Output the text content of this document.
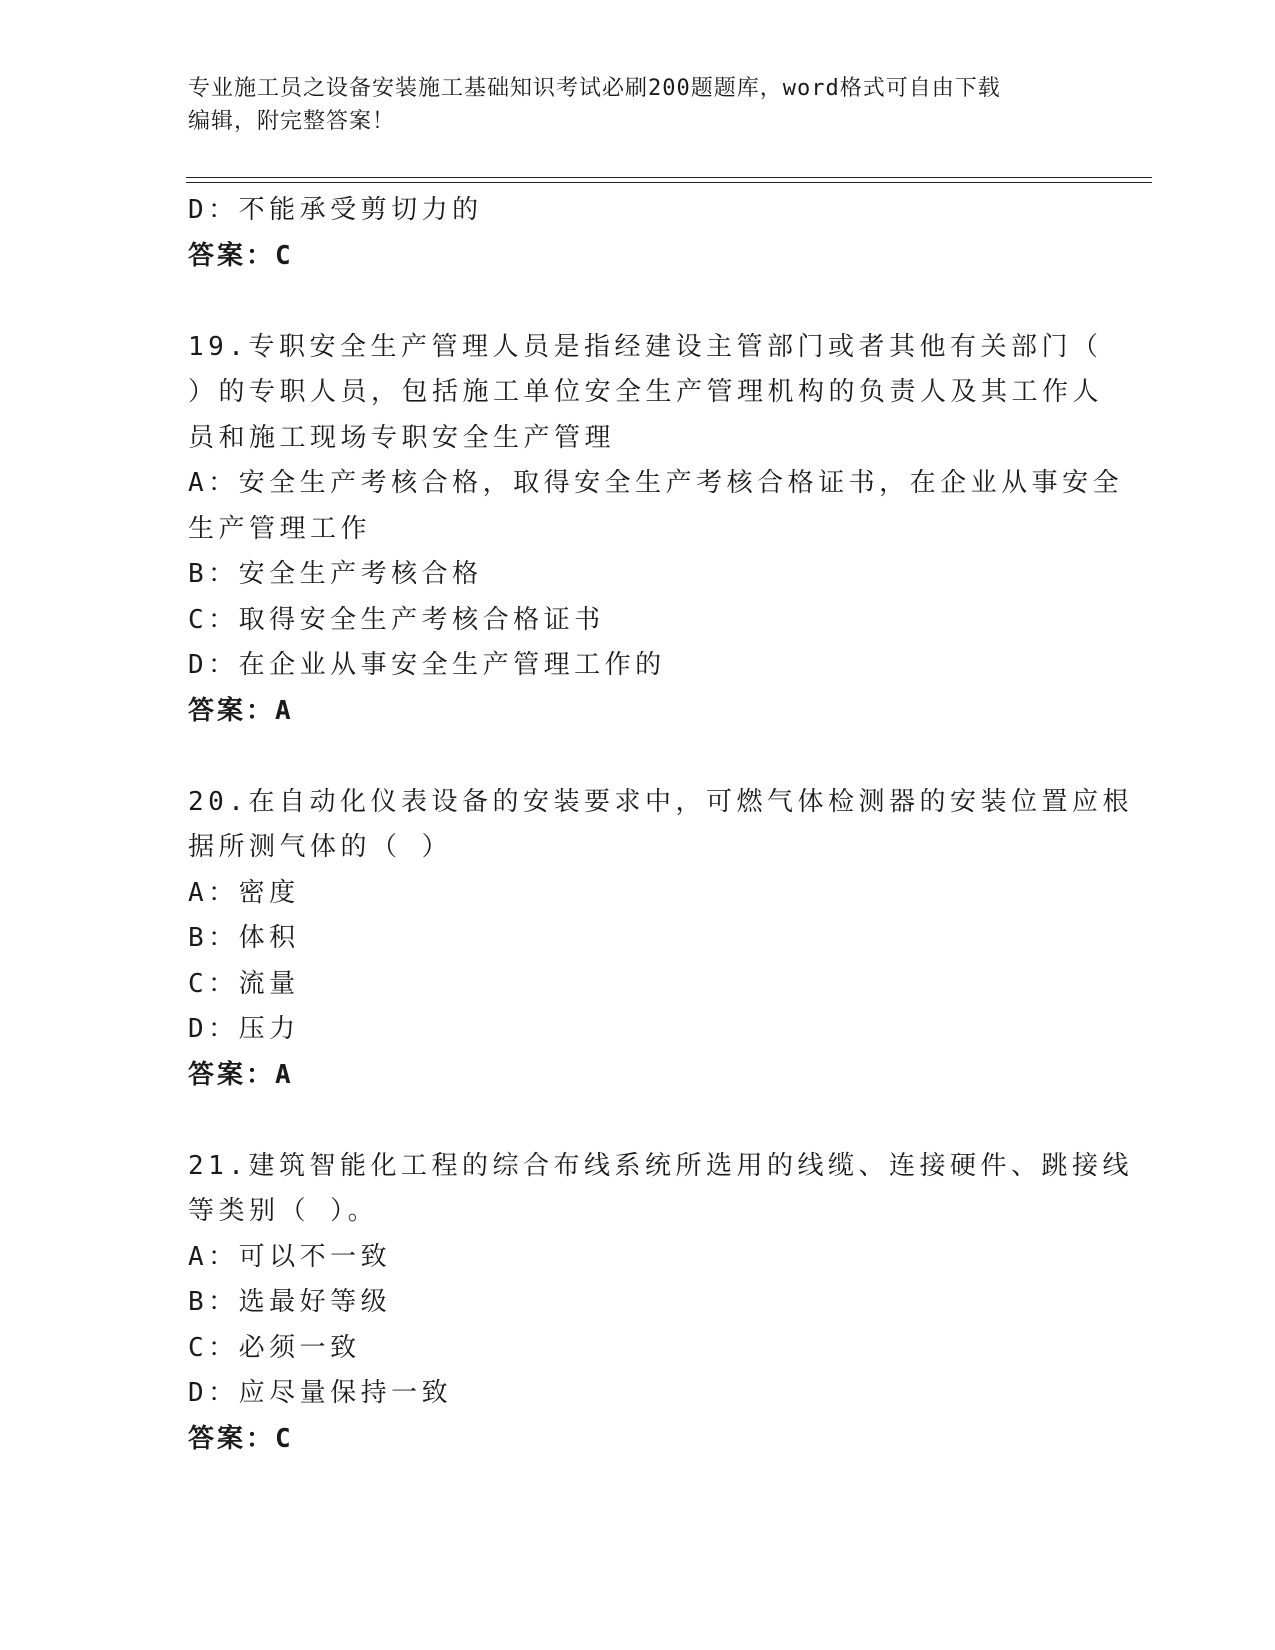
专业施工员之设备安装施工基础知识考试必刷200题题库，word格式可自由下载
编辑，附完整答案！
D：不能承受剪切力的
答案：C
19.专职安全生产管理人员是指经建设主管部门或者其他有关部门（
）的专职人员，包括施工单位安全生产管理机构的负责人及其工作人
员和施工现场专职安全生产管理
A：安全生产考核合格，取得安全生产考核合格证书，在企业从事安全
生产管理工作
B：安全生产考核合格
C：取得安全生产考核合格证书
D：在企业从事安全生产管理工作的
答案：A
20.在自动化仪表设备的安装要求中，可燃气体检测器的安装位置应根
据所测气体的（ ）
A：密度
B：体积
C：流量
D：压力
答案：A
21.建筑智能化工程的综合布线系统所选用的线缆、连接硬件、跳接线
等类别（ ）。
A：可以不一致
B：选最好等级
C：必须一致
D：应尽量保持一致
答案：C
